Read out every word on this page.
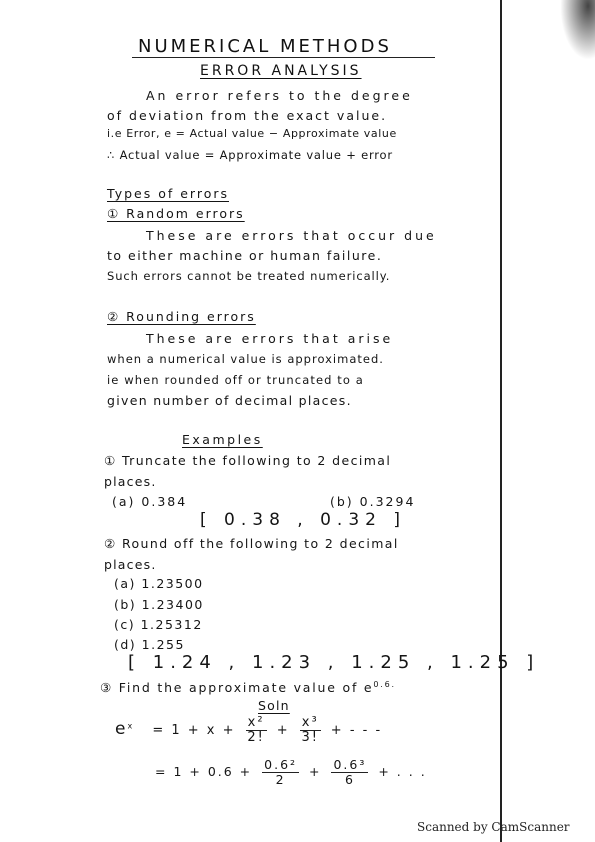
NUMERICAL METHODS
ERROR ANALYSIS
An error refers to the degree
of deviation from the exact value.
i.e Error, e = Actual value − Approximate value
∴ Actual value = Approximate value + error
Types of errors
① Random errors
These are errors that occur due
to either machine or human failure.
Such errors cannot be treated numerically.
② Rounding errors
These are errors that arise
when a numerical value is approximated.
ie when rounded off or truncated to a
given number of decimal places.
Examples
① Truncate the following to 2 decimal
places.
(a) 0.384	(b) 0.3294
[ 0.38 , 0.32 ]
② Round off the following to 2 decimal
places.
(a) 1.23500
(b) 1.23400
(c) 1.25312
(d) 1.255
[ 1.24 , 1.23 , 1.25 , 1.25 ]
③ Find the approximate value of $e^{0.6.}$
Soln
$e^x = 1 + x + \frac{\text{x²}}{2!} + \frac{\text{x³}}{3!}$ + - - -
= $1 + 0.6 + \frac{\text{0.6²}}{2} + \frac{\text{0.6³}}{6}$ + . . .
Scanned by CamScanner
